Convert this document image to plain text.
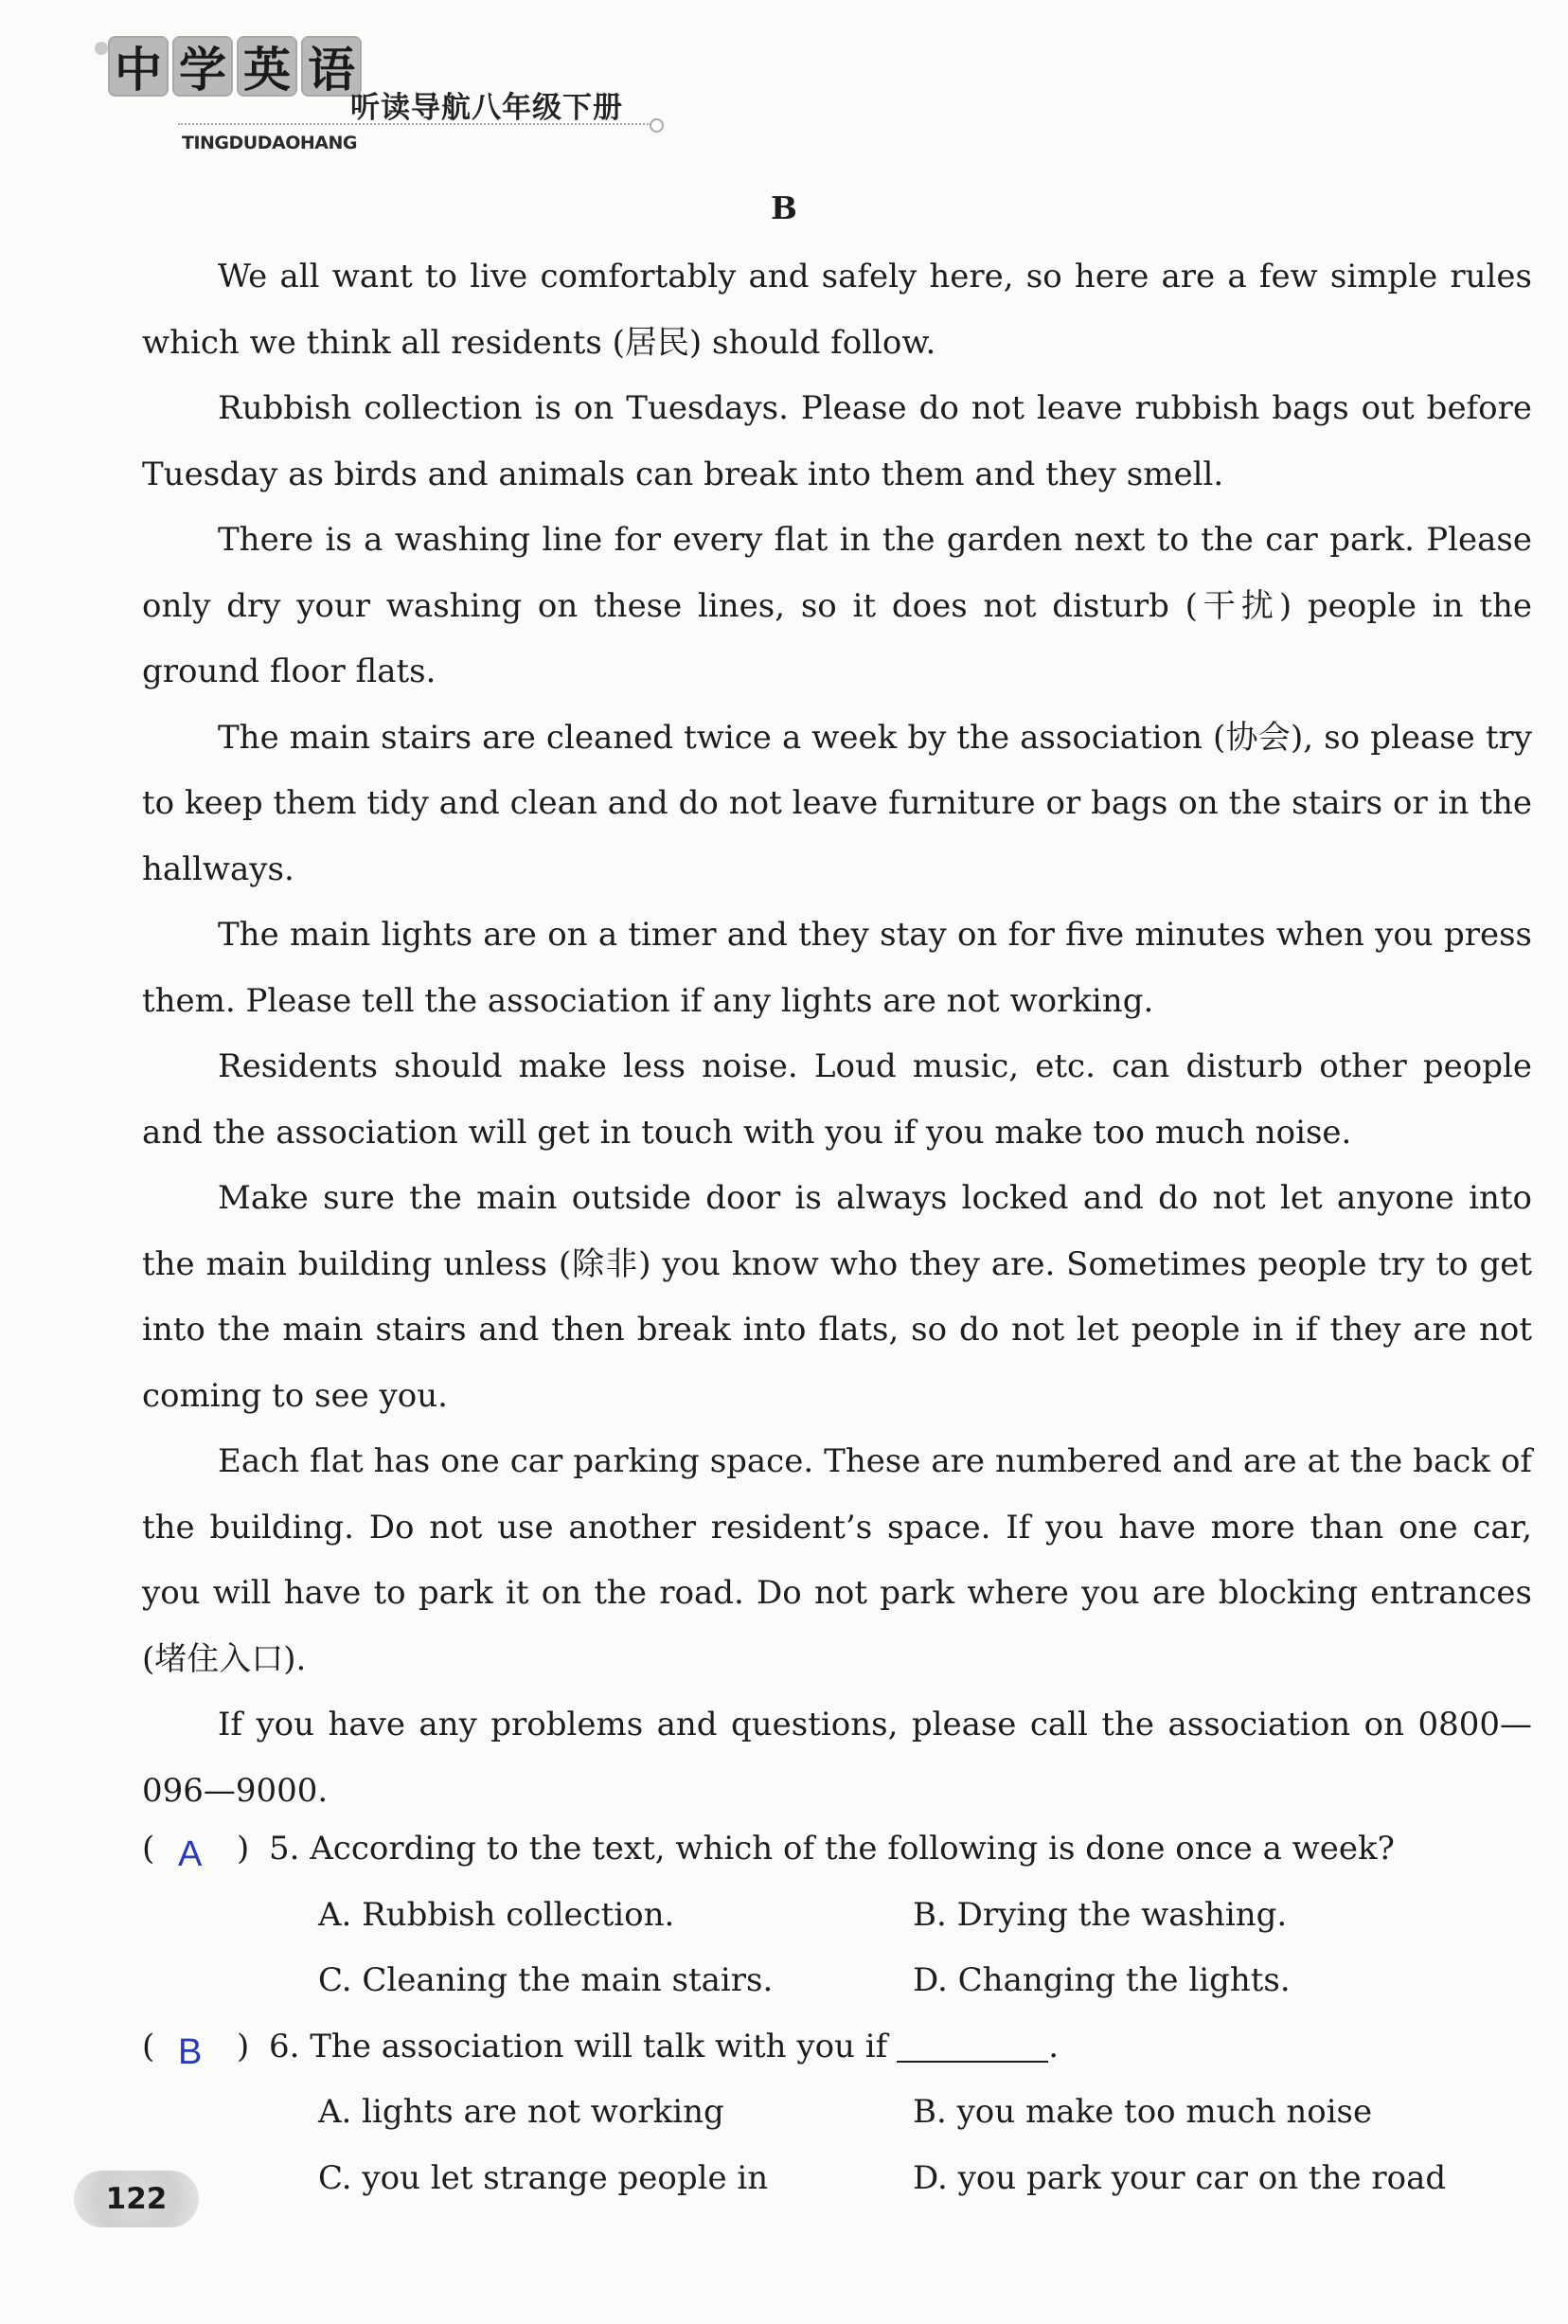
中 学 英 语
听读导航八年级下册
TINGDUDAOHANG
B

We all want to live comfortably and safely here, so here are a few simple rules which we think all residents (居民) should follow.

Rubbish collection is on Tuesdays. Please do not leave rubbish bags out before Tuesday as birds and animals can break into them and they smell.

There is a washing line for every flat in the garden next to the car park. Please only dry your washing on these lines, so it does not disturb (干扰) people in the ground floor flats.

The main stairs are cleaned twice a week by the association (协会), so please try to keep them tidy and clean and do not leave furniture or bags on the stairs or in the hallways.

The main lights are on a timer and they stay on for five minutes when you press them. Please tell the association if any lights are not working.

Residents should make less noise. Loud music, etc. can disturb other people and the association will get in touch with you if you make too much noise.

Make sure the main outside door is always locked and do not let anyone into the main building unless (除非) you know who they are. Sometimes people try to get into the main stairs and then break into flats, so do not let people in if they are not coming to see you.

Each flat has one car parking space. These are numbered and are at the back of the building. Do not use another resident’s space. If you have more than one car, you will have to park it on the road. Do not park where you are blocking entrances (堵住入口).

If you have any problems and questions, please call the association on 0800—096—9000.

( A ) 5. According to the text, which of the following is done once a week?
A. Rubbish collection.	B. Drying the washing.
C. Cleaning the main stairs.	D. Changing the lights.
( B ) 6. The association will talk with you if	.
A. lights are not working	B. you make too much noise
C. you let strange people in	D. you park your car on the road
122
